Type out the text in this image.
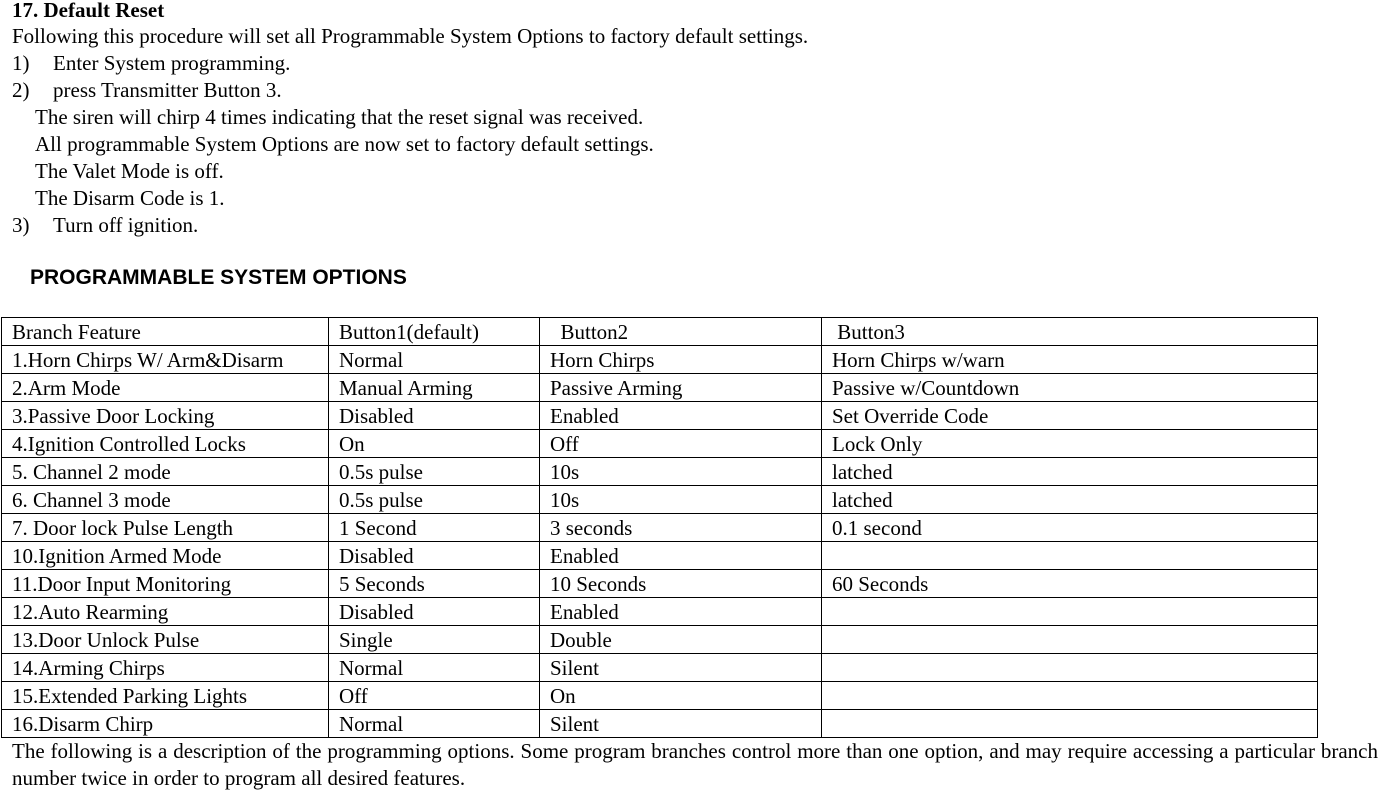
17. Default Reset
Following this procedure will set all Programmable System Options to factory default settings.
1) Enter System programming.
2) press Transmitter Button 3.
The siren will chirp 4 times indicating that the reset signal was received.
All programmable System Options are now set to factory default settings.
The Valet Mode is off.
The Disarm Code is 1.
3) Turn off ignition.
PROGRAMMABLE SYSTEM OPTIONS
Branch Feature	Button1(default)	Button2	Button3
1.Horn Chirps W/ Arm&Disarm	Normal	Horn Chirps	Horn Chirps w/warn
2.Arm Mode	Manual Arming	Passive Arming	Passive w/Countdown
3.Passive Door Locking	Disabled	Enabled	Set Override Code
4.Ignition Controlled Locks	On	Off	Lock Only
5. Channel 2 mode	0.5s pulse	10s	latched
6. Channel 3 mode	0.5s pulse	10s	latched
7. Door lock Pulse Length	1 Second	3 seconds	0.1 second
10.Ignition Armed Mode	Disabled	Enabled	
11.Door Input Monitoring	5 Seconds	10 Seconds	60 Seconds
12.Auto Rearming	Disabled	Enabled	
13.Door Unlock Pulse	Single	Double	
14.Arming Chirps	Normal	Silent	
15.Extended Parking Lights	Off	On	
16.Disarm Chirp	Normal	Silent	
The following is a description of the programming options. Some program branches control more than one option, and may require accessing a particular branch number twice in order to program all desired features.
